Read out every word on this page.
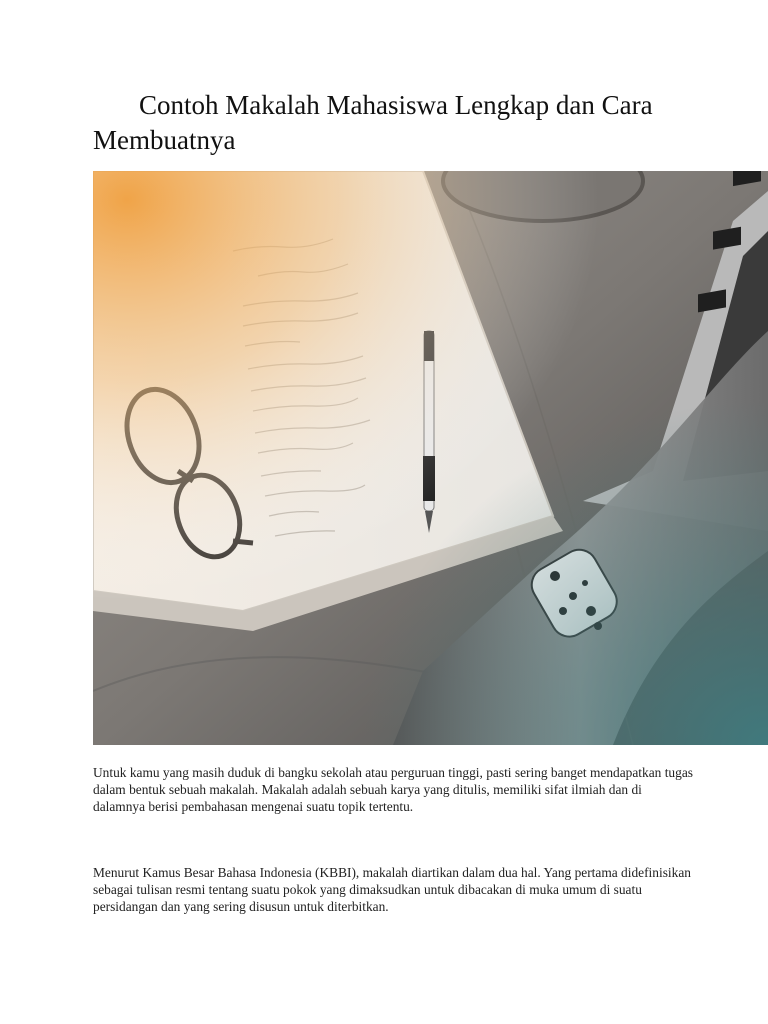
Contoh Makalah Mahasiswa Lengkap dan Cara Membuatnya

Untuk kamu yang masih duduk di bangku sekolah atau perguruan tinggi, pasti sering banget mendapatkan tugas dalam bentuk sebuah makalah. Makalah adalah sebuah karya yang ditulis, memiliki sifat ilmiah dan di dalamnya berisi pembahasan mengenai suatu topik tertentu.

Menurut Kamus Besar Bahasa Indonesia (KBBI), makalah diartikan dalam dua hal. Yang pertama didefinisikan sebagai tulisan resmi tentang suatu pokok yang dimaksudkan untuk dibacakan di muka umum di suatu persidangan dan yang sering disusun untuk diterbitkan.
